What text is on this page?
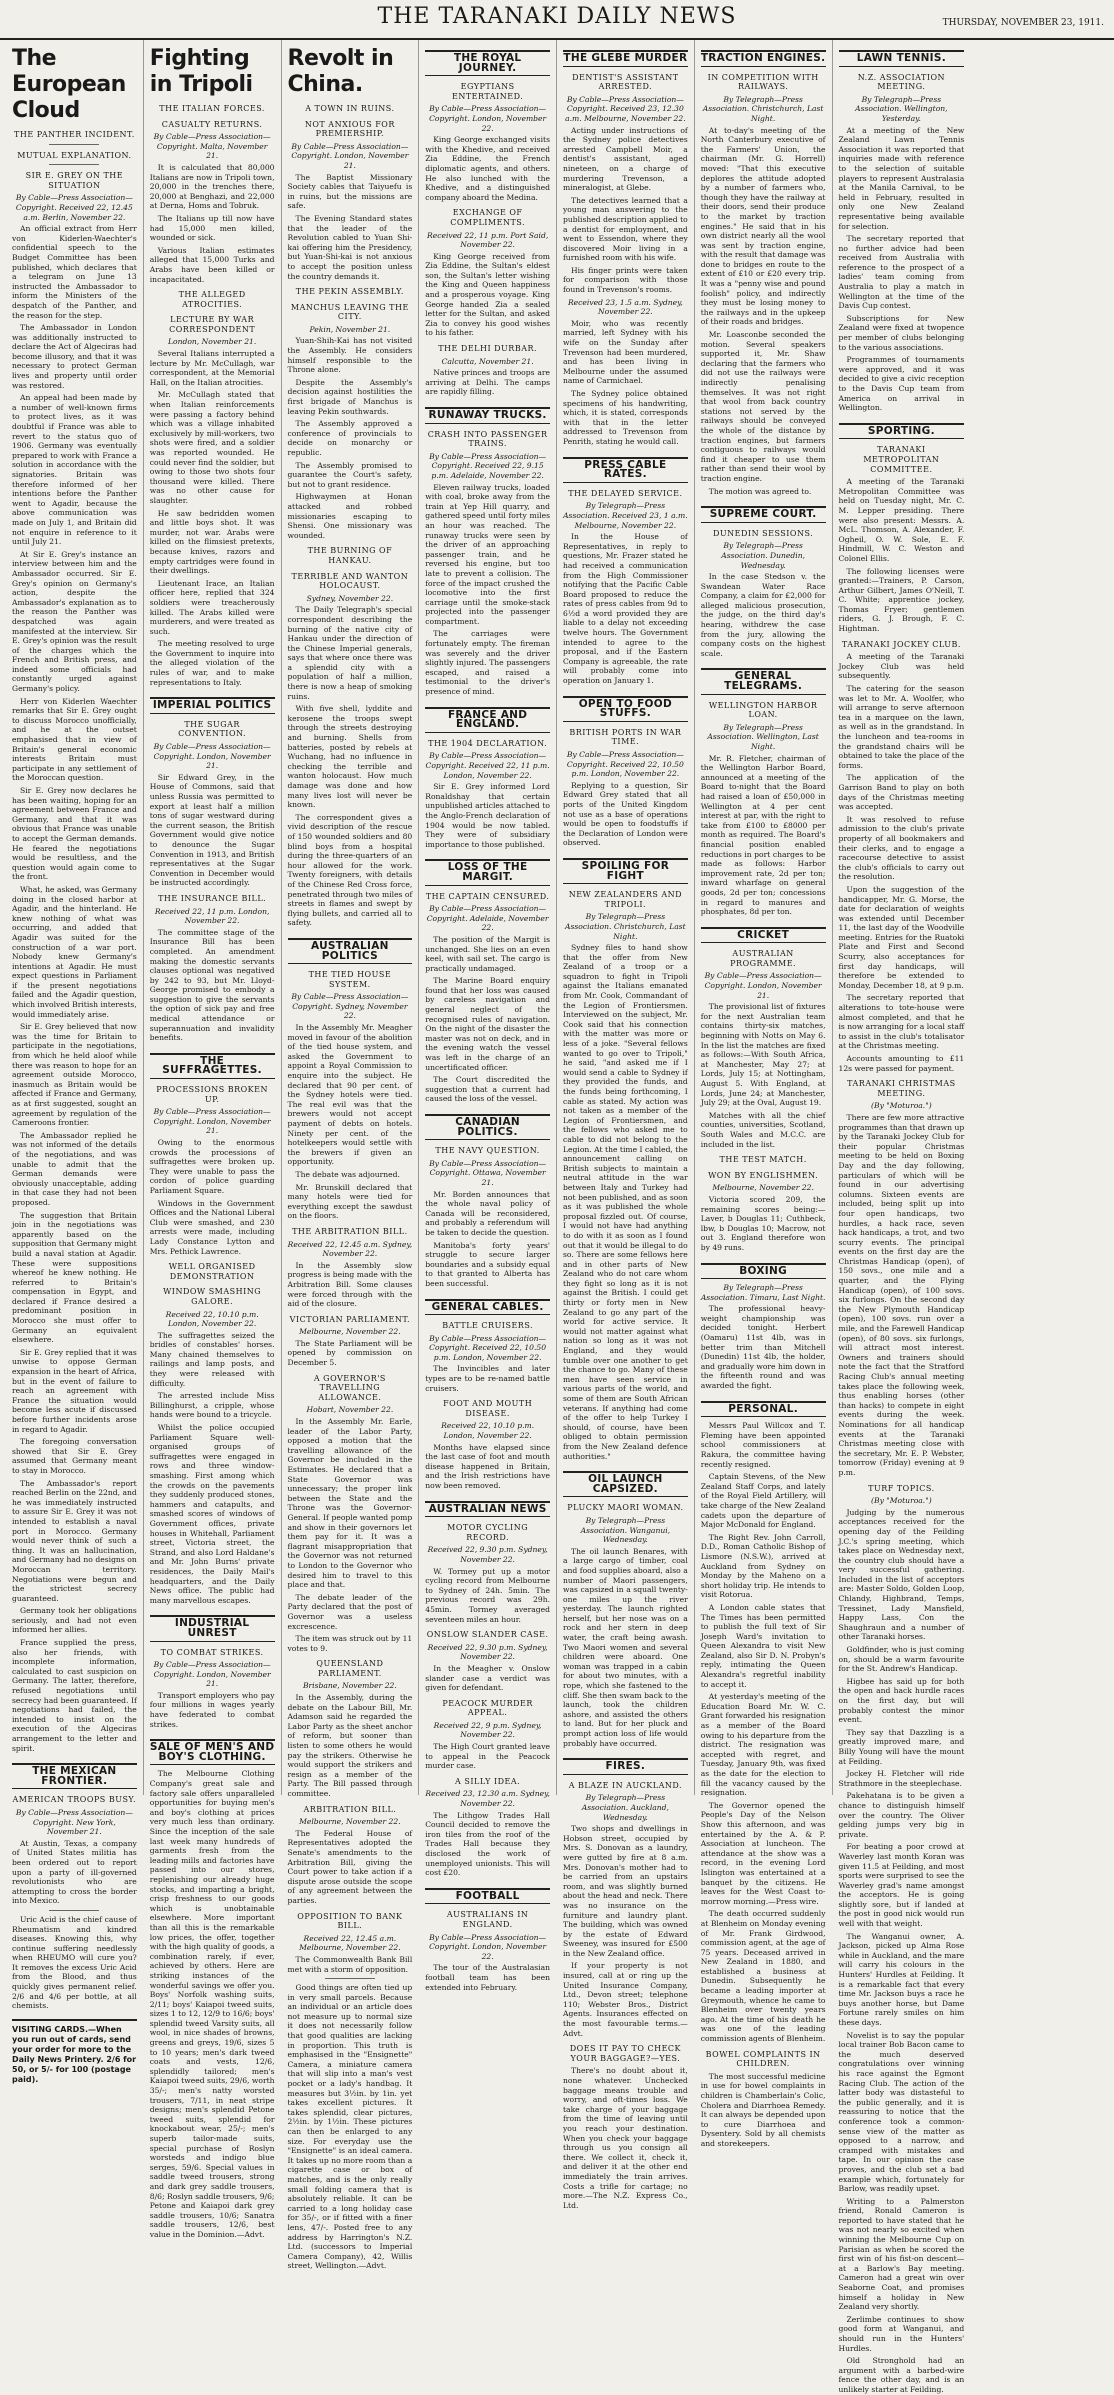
THE TARANAKI DAILY NEWS	THURSDAY, NOVEMBER 23, 1911.
The European Cloud
THE PANTHER INCIDENT.
MUTUAL EXPLANATION.
SIR E. GREY ON THE SITUATION

By Cable—Press Association—Copyright. Received 22, 12.45 a.m. Berlin, November 22.

An official extract from Herr von Kiderlen-Waechter's confidential speech to the Budget Committee has been published, which declares that a telegram on June 13 instructed the Ambassador to inform the Ministers of the despatch of the Panther, and the reason for the step.

The Ambassador in London was additionally instructed to declare the Act of Algeciras had become illusory, and that it was necessary to protect German lives and property until order was restored.

An appeal had been made by a number of well-known firms to protect lives, as it was doubtful if France was able to revert to the status quo of 1906. Germany was eventually prepared to work with France a solution in accordance with the signatories. Britain was therefore informed of her intentions before the Panther went to Agadir, because the above communication was made on July 1, and Britain did not enquire in reference to it until July 21.

At Sir E. Grey's instance an interview between him and the Ambassador occurred. Sir E. Grey's opinion on Germany's action, despite the Ambassador's explanation as to the reason the Panther was despatched was again manifested at the interview. Sir E. Grey's opinion was the result of the charges which the French and British press, and indeed some officials had constantly urged against Germany's policy.

Herr von Kiderlen Waechter remarks that Sir E. Grey ought to discuss Morocco unofficially, and he at the outset emphasised that in view of Britain's general economic interests Britain must participate in any settlement of the Moroccan question.

Sir E. Grey now declares he has been waiting, hoping for an agreement between France and Germany, and that it was obvious that France was unable to accept the German demands. He feared the negotiations would be resultless, and the question would again come to the front.

What, he asked, was Germany doing in the closed harbor at Agadir, and the hinterland. He knew nothing of what was occurring, and added that Agadir was suited for the construction of a war port. Nobody knew Germany's intentions at Agadir. He must expect questions in Parliament if the present negotiations failed and the Agadir question, which involved British interests, would immediately arise.

Sir E. Grey believed that now was the time for Britain to participate in the negotiations, from which he held aloof while there was reason to hope for an agreement outside Morocco, inasmuch as Britain would be affected if France and Germany, as at first suggested, sought an agreement by regulation of the Cameroons frontier.

The Ambassador replied he was not informed of the details of the negotiations, and was unable to admit that the German demands were obviously unacceptable, adding in that case they had not been proposed.

The suggestion that Britain join in the negotiations was apparently based on the supposition that Germany might build a naval station at Agadir. These were suppositions whereof he knew nothing. He referred to Britain's compensation in Egypt, and declared if France desired a predominant position in Morocco she must offer to Germany an equivalent elsewhere.

Sir E. Grey replied that it was unwise to oppose German expansion in the heart of Africa, but in the event of failure to reach an agreement with France the situation would become less acute if discussed before further incidents arose in regard to Agadir.

The foregoing conversation showed that Sir E. Grey assumed that Germany meant to stay in Morocco.

The Ambassador's report reached Berlin on the 22nd, and he was immediately instructed to assure Sir E. Grey it was not intended to establish a naval port in Morocco. Germany would never think of such a thing. It was an hallucination, and Germany had no designs on Moroccan territory. Negotiations were begun and the strictest secrecy guaranteed.

Germany took her obligations seriously, and had not even informed her allies.

France supplied the press, also her friends, with incomplete information, calculated to cast suspicion on Germany. The latter, therefore, refused negotiations until secrecy had been guaranteed. If negotiations had failed, the intended to insist on the execution of the Algeciras arrangement to the letter and spirit.

THE MEXICAN FRONTIER.
AMERICAN TROOPS BUSY.

By Cable—Press Association—Copyright. New York, November 21.

At Austin, Texas, a company of United States militia has been ordered out to report upon a party of ill-governed revolutionists who are attempting to cross the border into Mexico.

Uric Acid is the chief cause of Rheumatism and kindred diseases. Knowing this, why continue suffering needlessly when RHEUMO will cure you? It removes the excess Uric Acid from the Blood, and thus quickly gives permanent relief. 2/6 and 4/6 per bottle, at all chemists.

VISITING CARDS.—When you run out of cards, send your order for more to the Daily News Printery. 2/6 for 50, or 5/- for 100 (postage paid).
Fighting in Tripoli
THE ITALIAN FORCES.
CASUALTY RETURNS.

By Cable—Press Association—Copyright. Malta, November 21.

It is calculated that 80,000 Italians are now in Tripoli town, 20,000 in the trenches there, 20,000 at Benghazi, and 22,000 at Derna, Homs and Tobruk.

The Italians up till now have had 15,000 men killed, wounded or sick.

Various Italian estimates alleged that 15,000 Turks and Arabs have been killed or incapacitated.

THE ALLEGED ATROCITIES.
LECTURE BY WAR CORRESPONDENT

London, November 21.

Several Italians interrupted a lecture by Mr. McCullagh, war correspondent, at the Memorial Hall, on the Italian atrocities.

Mr. McCullagh stated that when Italian reinforcements were passing a factory behind which was a village inhabited exclusively by mill-workers, two shots were fired, and a soldier was reported wounded. He could never find the soldier, but owing to those two shots four thousand were killed. There was no other cause for slaughter.

He saw bedridden women and little boys shot. It was murder, not war. Arabs were killed on the flimsiest pretexts, because knives, razors and empty cartridges were found in their dwellings.

Lieutenant Irace, an Italian officer here, replied that 324 soldiers were treacherously killed. The Arabs killed were murderers, and were treated as such.

The meeting resolved to urge the Government to inquire into the alleged violation of the rules of war, and to make representations to Italy.

IMPERIAL POLITICS
THE SUGAR CONVENTION.

By Cable—Press Association—Copyright. London, November 21.

Sir Edward Grey, in the House of Commons, said that unless Russia was permitted to export at least half a million tons of sugar westward during the current season, the British Government would give notice to denounce the Sugar Convention in 1913, and British representatives at the Sugar Convention in December would be instructed accordingly.

THE INSURANCE BILL.

Received 22, 11 p.m. London, November 22.

The committee stage of the Insurance Bill has been completed. An amendment making the domestic servants clauses optional was negatived by 242 to 93, but Mr. Lloyd-George promised to embody a suggestion to give the servants the option of sick pay and free medical attendance or superannuation and invalidity benefits.

THE SUFFRAGETTES.
PROCESSIONS BROKEN UP.

By Cable—Press Association—Copyright. London, November 21.

Owing to the enormous crowds the processions of suffragettes were broken up. They were unable to pass the cordon of police guarding Parliament Square.

Windows in the Government Offices and the National Liberal Club were smashed, and 230 arrests were made, including Lady Constance Lytton and Mrs. Pethick Lawrence.

WELL ORGANISED DEMONSTRATION
WINDOW SMASHING GALORE.

Received 22, 10.10 p.m. London, November 22.

The suffragettes seized the bridles of constables' horses. Many chained themselves to railings and lamp posts, and they were released with difficulty.

The arrested include Miss Billinghurst, a cripple, whose hands were bound to a tricycle.

Whilst the police occupied Parliament Square well-organised groups of suffragettes were engaged in rows and three window-smashing. First among which the crowds on the pavements they suddenly produced stones, hammers and catapults, and smashed scores of windows of Government offices, private houses in Whitehall, Parliament street, Victoria street, the Strand, and also Lord Haldane's and Mr. John Burns' private residences, the Daily Mail's headquarters, and the Daily News office. The public had many marvellous escapes.

INDUSTRIAL UNREST
TO COMBAT STRIKES.

By Cable—Press Association—Copyright. London, November 21.

Transport employers who pay four millions in wages yearly have federated to combat strikes.

SALE OF MEN'S AND BOY'S CLOTHING.

The Melbourne Clothing Company's great sale and factory sale offers unparalleled opportunities for buying men's and boy's clothing at prices very much less than ordinary. Since the inception of the sale last week many hundreds of garments fresh from the leading mills and factories have passed into our stores, replenishing our already huge stocks, and imparting a bright, crisp freshness to our goods which is unobtainable elsewhere. More important than all this is the remarkable low prices, the offer, together with the high quality of goods, a combination rarely, if ever, achieved by others. Here are striking instances of the wonderful savings we offer you. Boys' Norfolk washing suits, 2/11; boys' Kaiapoi tweed suits, sizes 1 to 12, 12/9 to 16/6; boys' splendid tweed Varsity suits, all wool, in nice shades of browns, greens and greys, 19/6, sizes 5 to 10 years; men's dark tweed coats and vests, 12/6, splendidly tailored; men's Kaiapoi tweed suits, 29/6, worth 35/-; men's natty worsted trousers, 7/11, in neat stripe designs; men's splendid Petone tweed suits, splendid for knockabout wear, 25/-; men's superb tailor-made suits, special purchase of Roslyn worsteds and indigo blue serges, 59/6. Special values in saddle tweed trousers, strong and dark grey saddle trousers, 8/6; Roslyn saddle trousers, 9/6; Petone and Kaiapoi dark grey saddle trousers, 10/6; Sanatra saddle trousers, 12/6, best value in the Dominion.—Advt.

Revolt in China.
A TOWN IN RUINS.
NOT ANXIOUS FOR PREMIERSHIP.

By Cable—Press Association—Copyright. London, November 21.

The Baptist Missionary Society cables that Taiyuefu is in ruins, but the missions are safe.

The Evening Standard states that the leader of the Revolution cabled to Yuan Shi-kai offering him the Presidency, but Yuan-Shi-kai is not anxious to accept the position unless the country demands it.

THE PEKIN ASSEMBLY.
MANCHUS LEAVING THE CITY.

Pekin, November 21.

Yuan-Shih-Kai has not visited the Assembly. He considers himself responsible to the Throne alone.

Despite the Assembly's decision against hostilities the first brigade of Manchus is leaving Pekin southwards.

The Assembly approved a conference of provincials to decide on monarchy or republic.

The Assembly promised to guarantee the Court's safety, but not to grant residence.

Highwaymen at Honan attacked and robbed missionaries escaping to Shensi. One missionary was wounded.

THE BURNING OF HANKAU.
TERRIBLE AND WANTON HOLOCAUST.

Sydney, November 22.

The Daily Telegraph's special correspondent describing the burning of the native city of Hankau under the direction of the Chinese Imperial generals, says that where once there was a splendid city with a population of half a million, there is now a heap of smoking ruins.

With five shell, lyddite and kerosene the troops swept through the streets destroying and burning. Shells from batteries, posted by rebels at Wuchang, had no influence in checking the terrible and wanton holocaust. How much damage was done and how many lives lost will never be known.

The correspondent gives a vivid description of the rescue of 150 wounded soldiers and 80 blind boys from a hospital during the three-quarters of an hour allowed for the work. Twenty foreigners, with details of the Chinese Red Cross force, penetrated through two miles of streets in flames and swept by flying bullets, and carried all to safety.

AUSTRALIAN POLITICS
THE TIED HOUSE SYSTEM.

By Cable—Press Association—Copyright. Sydney, November 22.

In the Assembly Mr. Meagher moved in favour of the abolition of the tied house system, and asked the Government to appoint a Royal Commission to enquire into the subject. He declared that 90 per cent. of the Sydney hotels were tied. The real evil was that the brewers would not accept payment of debts on hotels. Ninety per cent. of the hotelkeepers would settle with the brewers if given an opportunity.

The debate was adjourned.

Mr. Brunskill declared that many hotels were tied for everything except the sawdust on the floors.

THE ARBITRATION BILL.

Received 22, 12.45 a.m. Sydney, November 22.

In the Assembly slow progress is being made with the Arbitration Bill. Some clauses were forced through with the aid of the closure.

VICTORIAN PARLIAMENT.

Melbourne, November 22.

The State Parliament will be opened by commission on December 5.

A GOVERNOR'S TRAVELLING ALLOWANCE.

Hobart, November 22.

In the Assembly Mr. Earle, leader of the Labor Party, opposed a motion that the travelling allowance of the Governor be included in the Estimates. He declared that a State Governor was unnecessary; the proper link between the State and the Throne was the Governor-General. If people wanted pomp and show in their governors let them pay for it. It was a flagrant misappropriation that the Governor was not returned to London to the Governor who desired him to travel to this place and that.

The debate leader of the Party declared that the post of Governor was a useless excrescence.

The item was struck out by 11 votes to 9.

QUEENSLAND PARLIAMENT.

Brisbane, November 22.

In the Assembly, during the debate on the Labour Bill, Mr. Adamson said he regarded the Labor Party as the sheet anchor of reform, but sooner than listen to some others he would pay the strikers. Otherwise he would support the strikers and resign as a member of the Party. The Bill passed through committee.

ARBITRATION BILL.

Melbourne, November 22.

The Federal House of Representatives adopted the Senate's amendments to the Arbitration Bill, giving the Court power to take action if a dispute arose outside the scope of any agreement between the parties.

OPPOSITION TO BANK BILL.

Received 22, 12.45 a.m. Melbourne, November 22.

The Commonwealth Bank Bill met with a storm of opposition.

Good things are often tied up in very small parcels. Because an individual or an article does not measure up to normal size it does not necessarily follow that good qualities are lacking in proportion. This truth is emphasised in the "Ensignette" Camera, a miniature camera that will slip into a man's vest pocket or a lady's handbag. It measures but 3½in. by 1in. yet takes excellent pictures. It takes splendid, clear pictures, 2½in. by 1½in. These pictures can then be enlarged to any size. For everyday use the "Ensignette" is an ideal camera. It takes up no more room than a cigarette case or box of matches, and is the only really small folding camera that is absolutely reliable. It can be carried to a long holiday case for 35/-, or if fitted with a finer lens, 47/-. Posted free to any address by Harrington's N.Z. Ltd. (successors to Imperial Camera Company), 42, Willis street, Wellington.—Advt.

THE ROYAL JOURNEY.
EGYPTIANS ENTERTAINED.

By Cable—Press Association—Copyright. London, November 22.

King George exchanged visits with the Khedive, and received Zia Eddine, the French diplomatic agents, and others. He also lunched with the Khedive, and a distinguished company aboard the Medina.

EXCHANGE OF COMPLIMENTS.

Received 22, 11 p.m. Port Said, November 22.

King George received from Zia Eddine, the Sultan's eldest son, the Sultan's letter wishing the King and Queen happiness and a prosperous voyage. King George handed Zia a sealed letter for the Sultan, and asked Zia to convey his good wishes to his father.

THE DELHI DURBAR.

Calcutta, November 21.

Native princes and troops are arriving at Delhi. The camps are rapidly filling.

RUNAWAY TRUCKS.
CRASH INTO PASSENGER TRAINS.

By Cable—Press Association—Copyright. Received 22, 9.15 p.m. Adelaide, November 22.

Eleven railway trucks, loaded with coal, broke away from the train at Yep Hill quarry, and gathered speed until forty miles an hour was reached. The runaway trucks were seen by the driver of an approaching passenger train, and he reversed his engine, but too late to prevent a collision. The force of the impact crushed the locomotive into the first carriage until the smoke-stack projected into the passenger compartment.

The carriages were fortunately empty. The fireman was severely and the driver slightly injured. The passengers escaped, and raised a testimonial to the driver's presence of mind.

FRANCE AND ENGLAND.
THE 1904 DECLARATION.

By Cable—Press Association—Copyright. Received 22, 11 p.m. London, November 22.

Sir E. Grey informed Lord Ronaldshay that certain unpublished articles attached to the Anglo-French declaration of 1904 would be now tabled. They were of subsidiary importance to those published.

LOSS OF THE MARGIT.
THE CAPTAIN CENSURED.

By Cable—Press Association—Copyright. Adelaide, November 22.

The position of the Margit is unchanged. She lies on an even keel, with sail set. The cargo is practically undamaged.

The Marine Board enquiry found that her loss was caused by careless navigation and general neglect of the recognised rules of navigation. On the night of the disaster the master was not on deck, and in the evening watch the vessel was left in the charge of an uncertificated officer.

The Court discredited the suggestion that a current had caused the loss of the vessel.

CANADIAN POLITICS.
THE NAVY QUESTION.

By Cable—Press Association—Copyright. Ottawa, November 21.

Mr. Borden announces that the whole naval policy of Canada will be reconsidered, and probably a referendum will be taken to decide the question.

Manitoba's forty years' struggle to secure larger boundaries and a subsidy equal to that granted to Alberta has been successful.

GENERAL CABLES.
BATTLE CRUISERS.

By Cable—Press Association—Copyright. Received 22, 10.50 p.m. London, November 22.

The Invincibles and later types are to be re-named battle cruisers.

FOOT AND MOUTH DISEASE.

Received 22, 10.10 p.m. London, November 22.

Months have elapsed since the last case of foot and mouth disease happened in Britain, and the Irish restrictions have now been removed.

AUSTRALIAN NEWS
MOTOR CYCLING RECORD.

Received 22, 9.30 p.m. Sydney, November 22.

W. Tormey put up a motor cycling record from Melbourne to Sydney of 24h. 5min. The previous record was 29h. 45min. Tormey averaged seventeen miles an hour.

ONSLOW SLANDER CASE.

Received 22, 9.30 p.m. Sydney, November 22.

In the Meagher v. Onslow slander case a verdict was given for defendant.

PEACOCK MURDER APPEAL.

Received 22, 9 p.m. Sydney, November 22.

The High Court granted leave to appeal in the Peacock murder case.

A SILLY IDEA.

Received 23, 12.30 a.m. Sydney, November 22.

The Lithgow Trades Hall Council decided to remove the iron tiles from the roof of the Trades Hall because they disclosed the work of unemployed unionists. This will cost £20.

FOOTBALL
AUSTRALIANS IN ENGLAND.

By Cable—Press Association—Copyright. London, November 22.

The tour of the Australasian football team has been extended into February.

THE GLEBE MURDER
DENTIST'S ASSISTANT ARRESTED.

By Cable—Press Association—Copyright. Received 23, 12.30 a.m. Melbourne, November 22.

Acting under instructions of the Sydney police detectives arrested Campbell Moir, a dentist's assistant, aged nineteen, on a charge of murdering Trevenson, a mineralogist, at Glebe.

The detectives learned that a young man answering to the published description applied to a dentist for employment, and went to Essendon, where they discovered Moir living in a furnished room with his wife.

His finger prints were taken for comparison with those found in Trevenson's rooms.

Received 23, 1.5 a.m. Sydney, November 22.

Moir, who was recently married, left Sydney with his wife on the Sunday after Trevenson had been murdered, and has been living in Melbourne under the assumed name of Carmichael.

The Sydney police obtained specimens of his handwriting, which, it is stated, corresponds with that in the letter addressed to Trevenson from Penrith, stating he would call.

PRESS CABLE RATES.
THE DELAYED SERVICE.

By Telegraph—Press Association. Received 23, 1 a.m. Melbourne, November 22.

In the House of Representatives, in reply to questions, Mr. Frazer stated he had received a communication from the High Commissioner notifying that the Pacific Cable Board proposed to reduce the rates of press cables from 9d to 6½d a word provided they are liable to a delay not exceeding twelve hours. The Government intended to agree to the proposal, and if the Eastern Company is agreeable, the rate will probably come into operation on January 1.

OPEN TO FOOD STUFFS.
BRITISH PORTS IN WAR TIME.

By Cable—Press Association—Copyright. Received 22, 10.50 p.m. London, November 22.

Replying to a question, Sir Edward Grey stated that all ports of the United Kingdom not use as a base of operations would be open to foodstuffs if the Declaration of London were observed.

SPOILING FOR FIGHT
NEW ZEALANDERS AND TRIPOLI.

By Telegraph—Press Association. Christchurch, Last Night.

Sydney files to hand show that the offer from New Zealand of a troop or a squadron to fight in Tripoli against the Italians emanated from Mr. Cook, Commandant of the Legion of Frontiersmen. Interviewed on the subject, Mr. Cook said that his connection with the matter was more or less of a joke. "Several fellows wanted to go over to Tripoli," he said, "and asked me if I would send a cable to Sydney if they provided the funds, and the funds being forthcoming, I cable as stated. My action was not taken as a member of the Legion of Frontiersmen, and the fellows who asked me to cable to did not belong to the Legion. At the time I cabled, the announcement calling on British subjects to maintain a neutral attitude in the war between Italy and Turkey had not been published, and as soon as it was published the whole proposal fizzled out. Of course, I would not have had anything to do with it as soon as I found out that it would be illegal to do so. There are some fellows here and in other parts of New Zealand who do not care whom they fight so long as it is not against the British. I could get thirty or forty men in New Zealand to go any part of the world for active service. It would not matter against what nation so long as it was not England, and they would tumble over one another to get the chance to go. Many of these men have seen service in various parts of the world, and some of them are South African veterans. If anything had come of the offer to help Turkey I should, of course, have been obliged to obtain permission from the New Zealand defence authorities."

OIL LAUNCH CAPSIZED.
PLUCKY MAORI WOMAN.

By Telegraph—Press Association. Wanganui, Wednesday.

The oil launch Benares, with a large cargo of timber, coal and food supplies aboard, also a number of Maori passengers, was capsized in a squall twenty-one miles up the river yesterday. The launch righted herself, but her nose was on a rock and her stern in deep water, the craft being awash. Two Maori women and several children were aboard. One woman was trapped in a cabin for about two minutes, with a rope, which she fastened to the cliff. She then swam back to the launch, took the children ashore, and assisted the others to land. But for her pluck and prompt action loss of life would probably have occurred.

FIRES.
A BLAZE IN AUCKLAND.

By Telegraph—Press Association. Auckland, Wednesday.

Two shops and dwellings in Hobson street, occupied by Mrs. S. Donovan as a laundry, were gutted by fire at 8 a.m. Mrs. Donovan's mother had to be carried from an upstairs room, and was slightly burned about the head and neck. There was no insurance on the furniture and laundry plant. The building, which was owned by the estate of Edward Sweeney, was insured for £500 in the New Zealand office.

If your property is not insured, call at or ring up the United Insurance Company, Ltd., Devon street; telephone 110; Webster Bros., District Agents. Insurances effected on the most favourable terms.—Advt.

DOES IT PAY TO CHECK YOUR BAGGAGE?—YES.

There's no doubt about it, none whatever. Unchecked baggage means trouble and worry, and oft-times loss. We take charge of your baggage from the time of leaving until you reach your destination. When you check your baggage through us you consign all there. We collect it, check it, and deliver it at the other end immediately the train arrives. Costs a trifle for cartage; no more.—The N.Z. Express Co., Ltd.

TRACTION ENGINES.
IN COMPETITION WITH RAILWAYS.

By Telegraph—Press Association. Christchurch, Last Night.

At to-day's meeting of the North Canterbury executive of the Farmers' Union, the chairman (Mr. G. Horrell) moved: "That this executive deplores the attitude adopted by a number of farmers who, though they have the railway at their doors, send their produce to the market by traction engines." He said that in his own district nearly all the wool was sent by traction engine, with the result that damage was done to bridges en route to the extent of £10 or £20 every trip. It was a "penny wise and pound foolish" policy, and indirectly they must be losing money to the railways and in the upkeep of their roads and bridges.

Mr. Loasconbe seconded the motion. Several speakers supported it, Mr. Shaw declaring that the farmers who did not use the railways were indirectly penalising themselves. It was not right that wool from back country stations not served by the railways should be conveyed the whole of the distance by traction engines, but farmers contiguous to railways would find it cheaper to use them rather than send their wool by traction engine.

The motion was agreed to.

SUPREME COURT.
DUNEDIN SESSIONS.

By Telegraph—Press Association. Dunedin, Wednesday.

In the case Stedson v. the Swandean Water Race Company, a claim for £2,000 for alleged malicious prosecution, the judge, on the third day's hearing, withdrew the case from the jury, allowing the company costs on the highest scale.

GENERAL TELEGRAMS.
WELLINGTON HARBOR LOAN.

By Telegraph—Press Association. Wellington, Last Night.

Mr. R. Fletcher, chairman of the Wellington Harbor Board, announced at a meeting of the Board to-night that the Board had raised a loan of £50,000 in Wellington at 4 per cent interest at par, with the right to take from £100 to £8000 per month as required. The Board's financial position enabled reductions in port charges to be made as follows: Harbor improvement rate, 2d per ton; inward wharfage on general goods, 2d per ton; concessions in regard to manures and phosphates, 8d per ton.

CRICKET
AUSTRALIAN PROGRAMME.

By Cable—Press Association—Copyright. London, November 21.

The provisional list of fixtures for the next Australian team contains thirty-six matches, beginning with Notts on May 6. In the list the matches are fixed as follows:—With South Africa, at Manchester, May 27; at Lords, July 15; at Nottingham, August 5. With England, at Lords, June 24; at Manchester, July 29; at the Oval, August 19.

Matches with all the chief counties, universities, Scotland, South Wales and M.C.C. are included in the list.

THE TEST MATCH.
WON BY ENGLISHMEN.

Melbourne, November 22.

Victoria scored 209, the remaining scores being:— Laver, b Douglas 11; Cuthbeck, lbw, b Douglas 10; Macrow, not out 3. England therefore won by 49 runs.

BOXING

By Telegraph—Press Association. Timaru, Last Night.

The professional heavy-weight championship was decided tonight. Herbert (Oamaru) 11st 4lb, was in better trim than Mitchell (Dunedin) 11st 4lb, the holder, and gradually wore him down in the fifteenth round and was awarded the fight.

PERSONAL.

Messrs Paul Willcox and T. Fleming have been appointed school commissioners at Rakura, the committee having recently resigned.

Captain Stevens, of the New Zealand Staff Corps, and lately of the Royal Field Artillery, will take charge of the New Zealand cadets upon the departure of Major McDonald for England.

The Right Rev. John Carroll, D.D., Roman Catholic Bishop of Lismore (N.S.W.), arrived at Auckland from Sydney on Monday by the Maheno on a short holiday trip. He intends to visit Rotorua.

A London cable states that The Times has been permitted to publish the full text of Sir Joseph Ward's invitation to Queen Alexandra to visit New Zealand, also Sir D. N. Probyn's reply, intimating the Queen Alexandra's regretful inability to accept it.

At yesterday's meeting of the Education Board Mr. W. C. Grant forwarded his resignation as a member of the Board owing to his departure from the district. The resignation was accepted with regret, and Tuesday, January 9th, was fixed as the date for the election to fill the vacancy caused by the resignation.

The Governor opened the People's Day of the Nelson Show this afternoon, and was entertained by the A. & P. Association at luncheon. The attendance at the show was a record, in the evening Lord Islington was entertained at a banquet by the citizens. He leaves for the West Coast to-morrow morning.—Press wire.

The death occurred suddenly at Blenheim on Monday evening of Mr. Frank Girdwood, commission agent, at the age of 75 years. Deceased arrived in New Zealand in 1880, and established a business at Dunedin. Subsequently he became a leading importer at Greymouth, whence he came to Blenheim over twenty years ago. At the time of his death he was one of the leading commission agents of Blenheim.

BOWEL COMPLAINTS IN CHILDREN.

The most successful medicine in use for bowel complaints in children is Chamberlain's Colic, Cholera and Diarrhoea Remedy. It can always be depended upon to cure Diarrhoea and Dysentery. Sold by all chemists and storekeepers.

LAWN TENNIS.
N.Z. ASSOCIATION MEETING.

By Telegraph—Press Association. Wellington, Yesterday.

At a meeting of the New Zealand Lawn Tennis Association it was reported that inquiries made with reference to the selection of suitable players to represent Australasia at the Manila Carnival, to be held in February, resulted in only one New Zealand representative being available for selection.

The secretary reported that no further advice had been received from Australia with reference to the prospect of a ladies' team coming from Australia to play a match in Wellington at the time of the Davis Cup contest.

Subscriptions for New Zealand were fixed at twopence per member of clubs belonging to the various associations.

Programmes of tournaments were approved, and it was decided to give a civic reception to the Davis Cup team from America on arrival in Wellington.

SPORTING.
TARANAKI METROPOLITAN COMMITTEE.

A meeting of the Taranaki Metropolitan Committee was held on Tuesday night, Mr. C. M. Lepper presiding. There were also present: Messrs. A. McL. Thomson, A. Alexander, F. Ogheil, O. W. Sole, E. F. Hindmill, W. C. Weston and Colonel Ellis.

The following licenses were granted:—Trainers, P. Carson, Arthur Gilbert, James O'Neill, T. C. White; apprentice jockey, Thomas Fryer; gentlemen riders, G. J. Brough, F. C. Hightman.

TARANAKI JOCKEY CLUB.

A meeting of the Taranaki Jockey Club was held subsequently.

The catering for the season was let to Mr. A. Woolfer, who will arrange to serve afternoon tea in a marquee on the lawn, as well as in the grandstand. In the luncheon and tea-rooms in the grandstand chairs will be obtained to take the place of the forms.

The application of the Garrison Band to play on both days of the Christmas meeting was accepted.

It was resolved to refuse admission to the club's private property of all bookmakers and their clerks, and to engage a racecourse detective to assist the club's officials to carry out the resolution.

Upon the suggestion of the handicapper, Mr. G. Morse, the date for declaration of weights was extended until December 11, the last day of the Woodville meeting. Entries for the Ruatoki Plate and First and Second Scurry, also acceptances for first day handicaps, will therefore be extended to Monday, December 18, at 9 p.m.

The secretary reported that alterations to tote-house were almost completed, and that he is now arranging for a local staff to assist in the club's totalisator at the Christmas meeting.

Accounts amounting to £11 12s were passed for payment.

TARANAKI CHRISTMAS MEETING.

(By "Moturoa.")

There are few more attractive programmes than that drawn up by the Taranaki Jockey Club for their popular Christmas meeting to be held on Boxing Day and the day following, particulars of which will be found in our advertising columns. Sixteen events are included, being split up into four open handicaps, two hurdles, a hack race, seven hack handicaps, a trot, and two scurry events. The principal events on the first day are the Christmas Handicap (open), of 150 sovs., one mile and a quarter, and the Flying Handicap (open), of 100 sovs. six furlongs. On the second day the New Plymouth Handicap (open), 100 sovs. run over a mile, and the Farewell Handicap (open), of 80 sovs. six furlongs, will attract most interest. Owners and trainers should note the fact that the Stratford Racing Club's annual meeting takes place the following week, thus enabling horses (other than hacks) to compete in eight events during the week. Nominations for all handicap events at the Taranaki Christmas meeting close with the secretary, Mr. E. P. Webster, tomorrow (Friday) evening at 9 p.m.

TURF TOPICS.

(By "Moturoa.")

Judging by the numerous acceptances received for the opening day of the Feilding J.C.'s spring meeting, which takes place on Wednesday next, the country club should have a very successful gathering. Included in the list of acceptors are: Master Soldo, Golden Loop, Chlandy, Highbrand, Temps, Tressinet, Lady Mansfield, Happy Lass, Con the Shaughraun and a number of other Taranaki horses.

Goldfinder, who is just coming on, should be a warm favourite for the St. Andrew's Handicap.

Higbee has said up for both the open and hack hurdle races on the first day, but will probably contest the minor event.

They say that Dazzling is a greatly improved mare, and Billy Young will have the mount at Feilding.

Jockey H. Fletcher will ride Strathmore in the steeplechase.

Pakehatana is to be given a chance to distinguish himself over the country. The Oliver gelding jumps very big in private.

For beating a poor crowd at Waverley last month Koran was given 11.5 at Feilding, and most sports were surprised to see the Waverley grad's name amongst the acceptors. He is going slightly sore, but if landed at the post in good nick would run well with that weight.

The Wanganui owner, A. Jackson, picked up Alma Rose while in Auckland, and the mare will carry his colours in the Hunters' Hurdles at Feilding. It is a remarkable fact that every time Mr. Jackson buys a race he buys another horse, but Dame Fortune rarely smiles on him these days.

Novelist is to say the popular local trainer Bob Bacon came to the much deserved congratulations over winning his race against the Egmont Racing Club. The action of the latter body was distasteful to the public generally, and it is reassuring to notice that the conference took a common-sense view of the matter as opposed to a narrow, and cramped with mistakes and tape. In our opinion the case proves, and the club set a bad example which, fortunately for Barlow, was readily upset.

Writing to a Palmerston friend, Ronald Cameron is reported to have stated that he was not nearly so excited when winning the Melbourne Cup on Parisian as when he scored the first win of his fist-on descent—at a Barlow's Bay meeting. Cameron had a great win over Seaborne Coat, and promises himself a holiday in New Zealand very shortly.

Zerlimbe continues to show good form at Wanganui, and should run in the Hunters' Hurdles.

Old Stronghold had an argument with a barbed-wire fence the other day, and is an unlikely starter at Feilding.
